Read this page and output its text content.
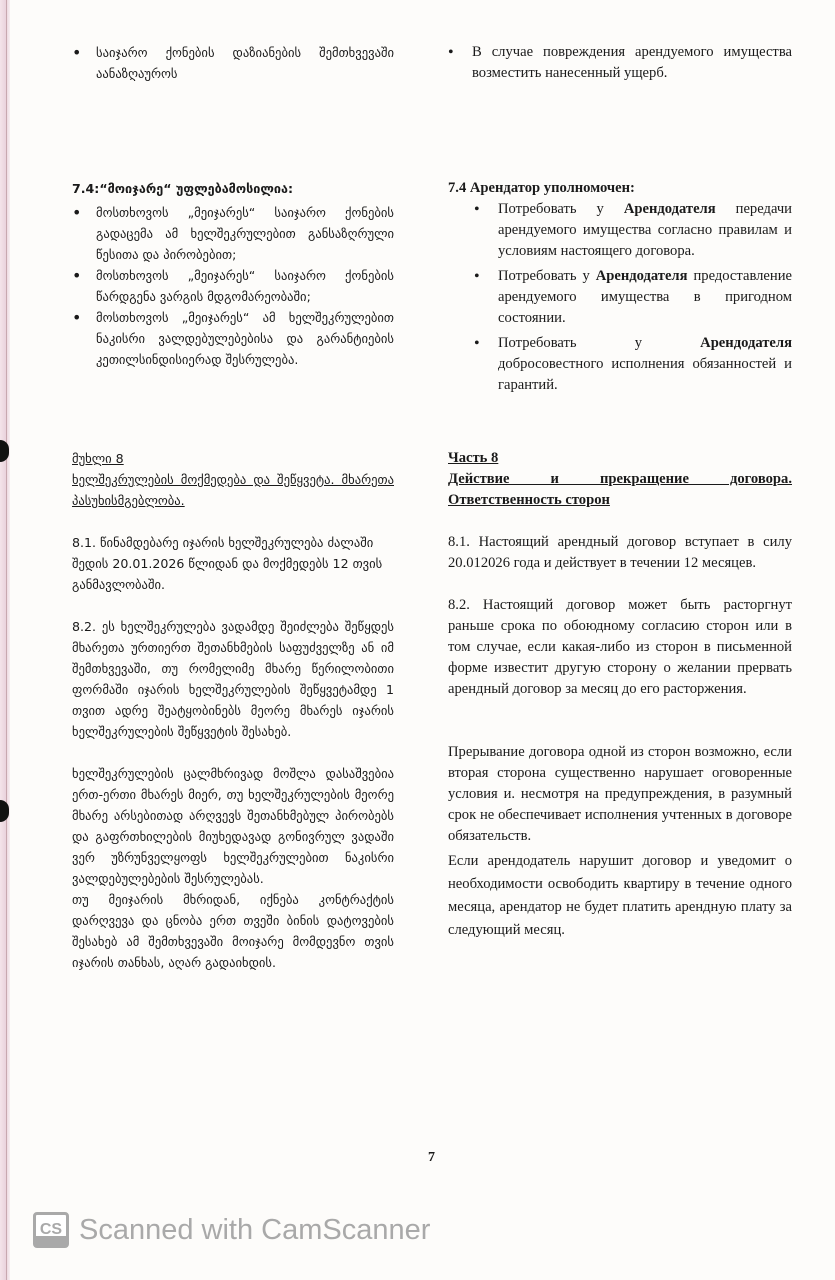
• საიჯარო ქონების დაზიანების შემთხვევაში აანაზღაუროს
• В случае повреждения арендуемого имущества возместить нанесенный ущерб.

7.4:“მოიჯარე“ უფლებამოსილია:

• მოსთხოვოს „მეიჯარეს“ საიჯარო ქონების გადაცემა ამ ხელშეკრულებით განსაზღრული წესითა და პირობებით;
• მოსთხოვოს „მეიჯარეს“ საიჯარო ქონების წარდგენა ვარგის მდგომარეობაში;
• მოსთხოვოს „მეიჯარეს“ ამ ხელშეკრულებით ნაკისრი ვალდებულებებისა და გარანტიების კეთილსინდისიერად შესრულება.

7.4 Арендатор уполномочен:

• Потребовать у Арендодателя передачи арендуемого имущества согласно правилам и условиям настоящего договора.
• Потребовать у Арендодателя предоставление арендуемого имущества в пригодном состоянии.
• Потребовать у Арендодателя добросовестного исполнения обязанностей и гарантий.

მუხლი 8

ხელშეკრულების მოქმედება და შეწყვეტა. მხარეთა პასუხისმგებლობა.

8.1. წინამდებარე იჯარის ხელშეკრულება ძალაში შედის 20.01.2026 წლიდან და მოქმედებს 12 თვის განმავლობაში.

8.2. ეს ხელშეკრულება ვადამდე შეიძლება შეწყდეს მხარეთა ურთიერთ შეთანხმების საფუძველზე ან იმ შემთხვევაში, თუ რომელიმე მხარე წერილობითი ფორმაში იჯარის ხელშეკრულების შეწყვეტამდე 1 თვით ადრე შეატყობინებს მეორე მხარეს იჯარის ხელშეკრულების შეწყვეტის შესახებ.

ხელშეკრულების ცალმხრივად მოშლა დასაშვებია ერთ-ერთი მხარეს მიერ, თუ ხელშეკრულების მეორე მხარე არსებითად არღვევს შეთანხმებულ პირობებს და გაფრთხილების მიუხედავად გონივრულ ვადაში ვერ უზრუნველყოფს ხელშეკრულებით ნაკისრი ვალდებულებების შესრულებას.

თუ მეიჯარის მხრიდან, იქნება კონტრაქტის დარღვევა და ცნობა ერთ თვეში ბინის დატოვების შესახებ ამ შემთხვევაში მოიჯარე მომდევნო თვის იჯარის თანხას, აღარ გადაიხდის.

Часть 8

Действие и прекращение договора. Ответственность сторон

8.1. Настоящий арендный договор вступает в силу 20.012026 года и действует в течении 12 месяцев.

8.2. Настоящий договор может быть расторгнут раньше срока по обоюдному согласию сторон или в том случае, если какая-либо из сторон в письменной форме известит другую сторону о желании прервать арендный договор за месяц до его расторжения.

Прерывание договора одной из сторон возможно, если вторая сторона существенно нарушает оговоренные условия и. несмотря на предупреждения, в разумный срок не обеспечивает исполнения учтенных в договоре обязательств.

Если арендодатель нарушит договор и уведомит о необходимости освободить квартиру в течение одного месяца, арендатор не будет платить арендную плату за следующий месяц.

7
CS Scanned with CamScanner
